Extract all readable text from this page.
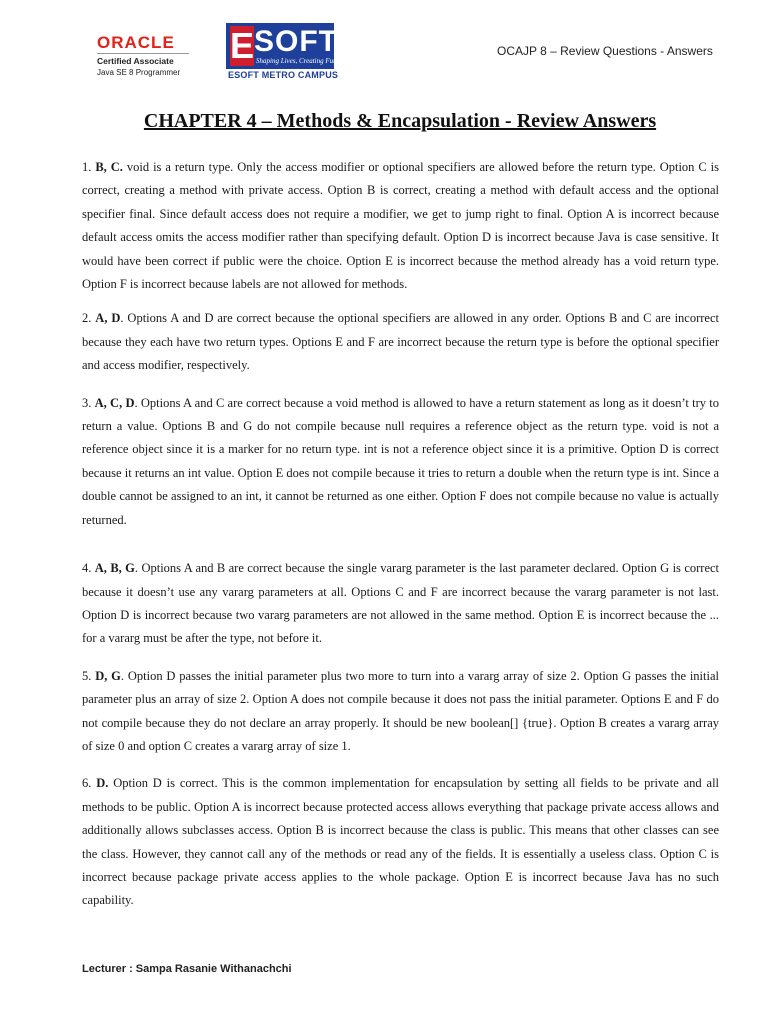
ORACLE
Certified Associate
Java SE 8 Programmer
E SOFT
Shaping Lives, Creating Futures.
ESOFT METRO CAMPUS
OCAJP 8 – Review Questions - Answers
CHAPTER 4 – Methods & Encapsulation - Review Answers

1. B, C. void is a return type. Only the access modifier or optional specifiers are allowed before the return type. Option C is correct, creating a method with private access. Option B is correct, creating a method with default access and the optional specifier final. Since default access does not require a modifier, we get to jump right to final. Option A is incorrect because default access omits the access modifier rather than specifying default. Option D is incorrect because Java is case sensitive. It would have been correct if public were the choice. Option E is incorrect because the method already has a void return type. Option F is incorrect because labels are not allowed for methods.

2. A, D. Options A and D are correct because the optional specifiers are allowed in any order. Options B and C are incorrect because they each have two return types. Options E and F are incorrect because the return type is before the optional specifier and access modifier, respectively.

3. A, C, D. Options A and C are correct because a void method is allowed to have a return statement as long as it doesn’t try to return a value. Options B and G do not compile because null requires a reference object as the return type. void is not a reference object since it is a marker for no return type. int is not a reference object since it is a primitive. Option D is correct because it returns an int value. Option E does not compile because it tries to return a double when the return type is int. Since a double cannot be assigned to an int, it cannot be returned as one either. Option F does not compile because no value is actually returned.

4. A, B, G. Options A and B are correct because the single vararg parameter is the last parameter declared. Option G is correct because it doesn’t use any vararg parameters at all. Options C and F are incorrect because the vararg parameter is not last. Option D is incorrect because two vararg parameters are not allowed in the same method. Option E is incorrect because the ... for a vararg must be after the type, not before it.

5. D, G. Option D passes the initial parameter plus two more to turn into a vararg array of size 2. Option G passes the initial parameter plus an array of size 2. Option A does not compile because it does not pass the initial parameter. Options E and F do not compile because they do not declare an array properly. It should be new boolean[] {true}. Option B creates a vararg array of size 0 and option C creates a vararg array of size 1.

6. D. Option D is correct. This is the common implementation for encapsulation by setting all fields to be private and all methods to be public. Option A is incorrect because protected access allows everything that package private access allows and additionally allows subclasses access. Option B is incorrect because the class is public. This means that other classes can see the class. However, they cannot call any of the methods or read any of the fields. It is essentially a useless class. Option C is incorrect because package private access applies to the whole package. Option E is incorrect because Java has no such capability.

Lecturer : Sampa Rasanie Withanachchi
